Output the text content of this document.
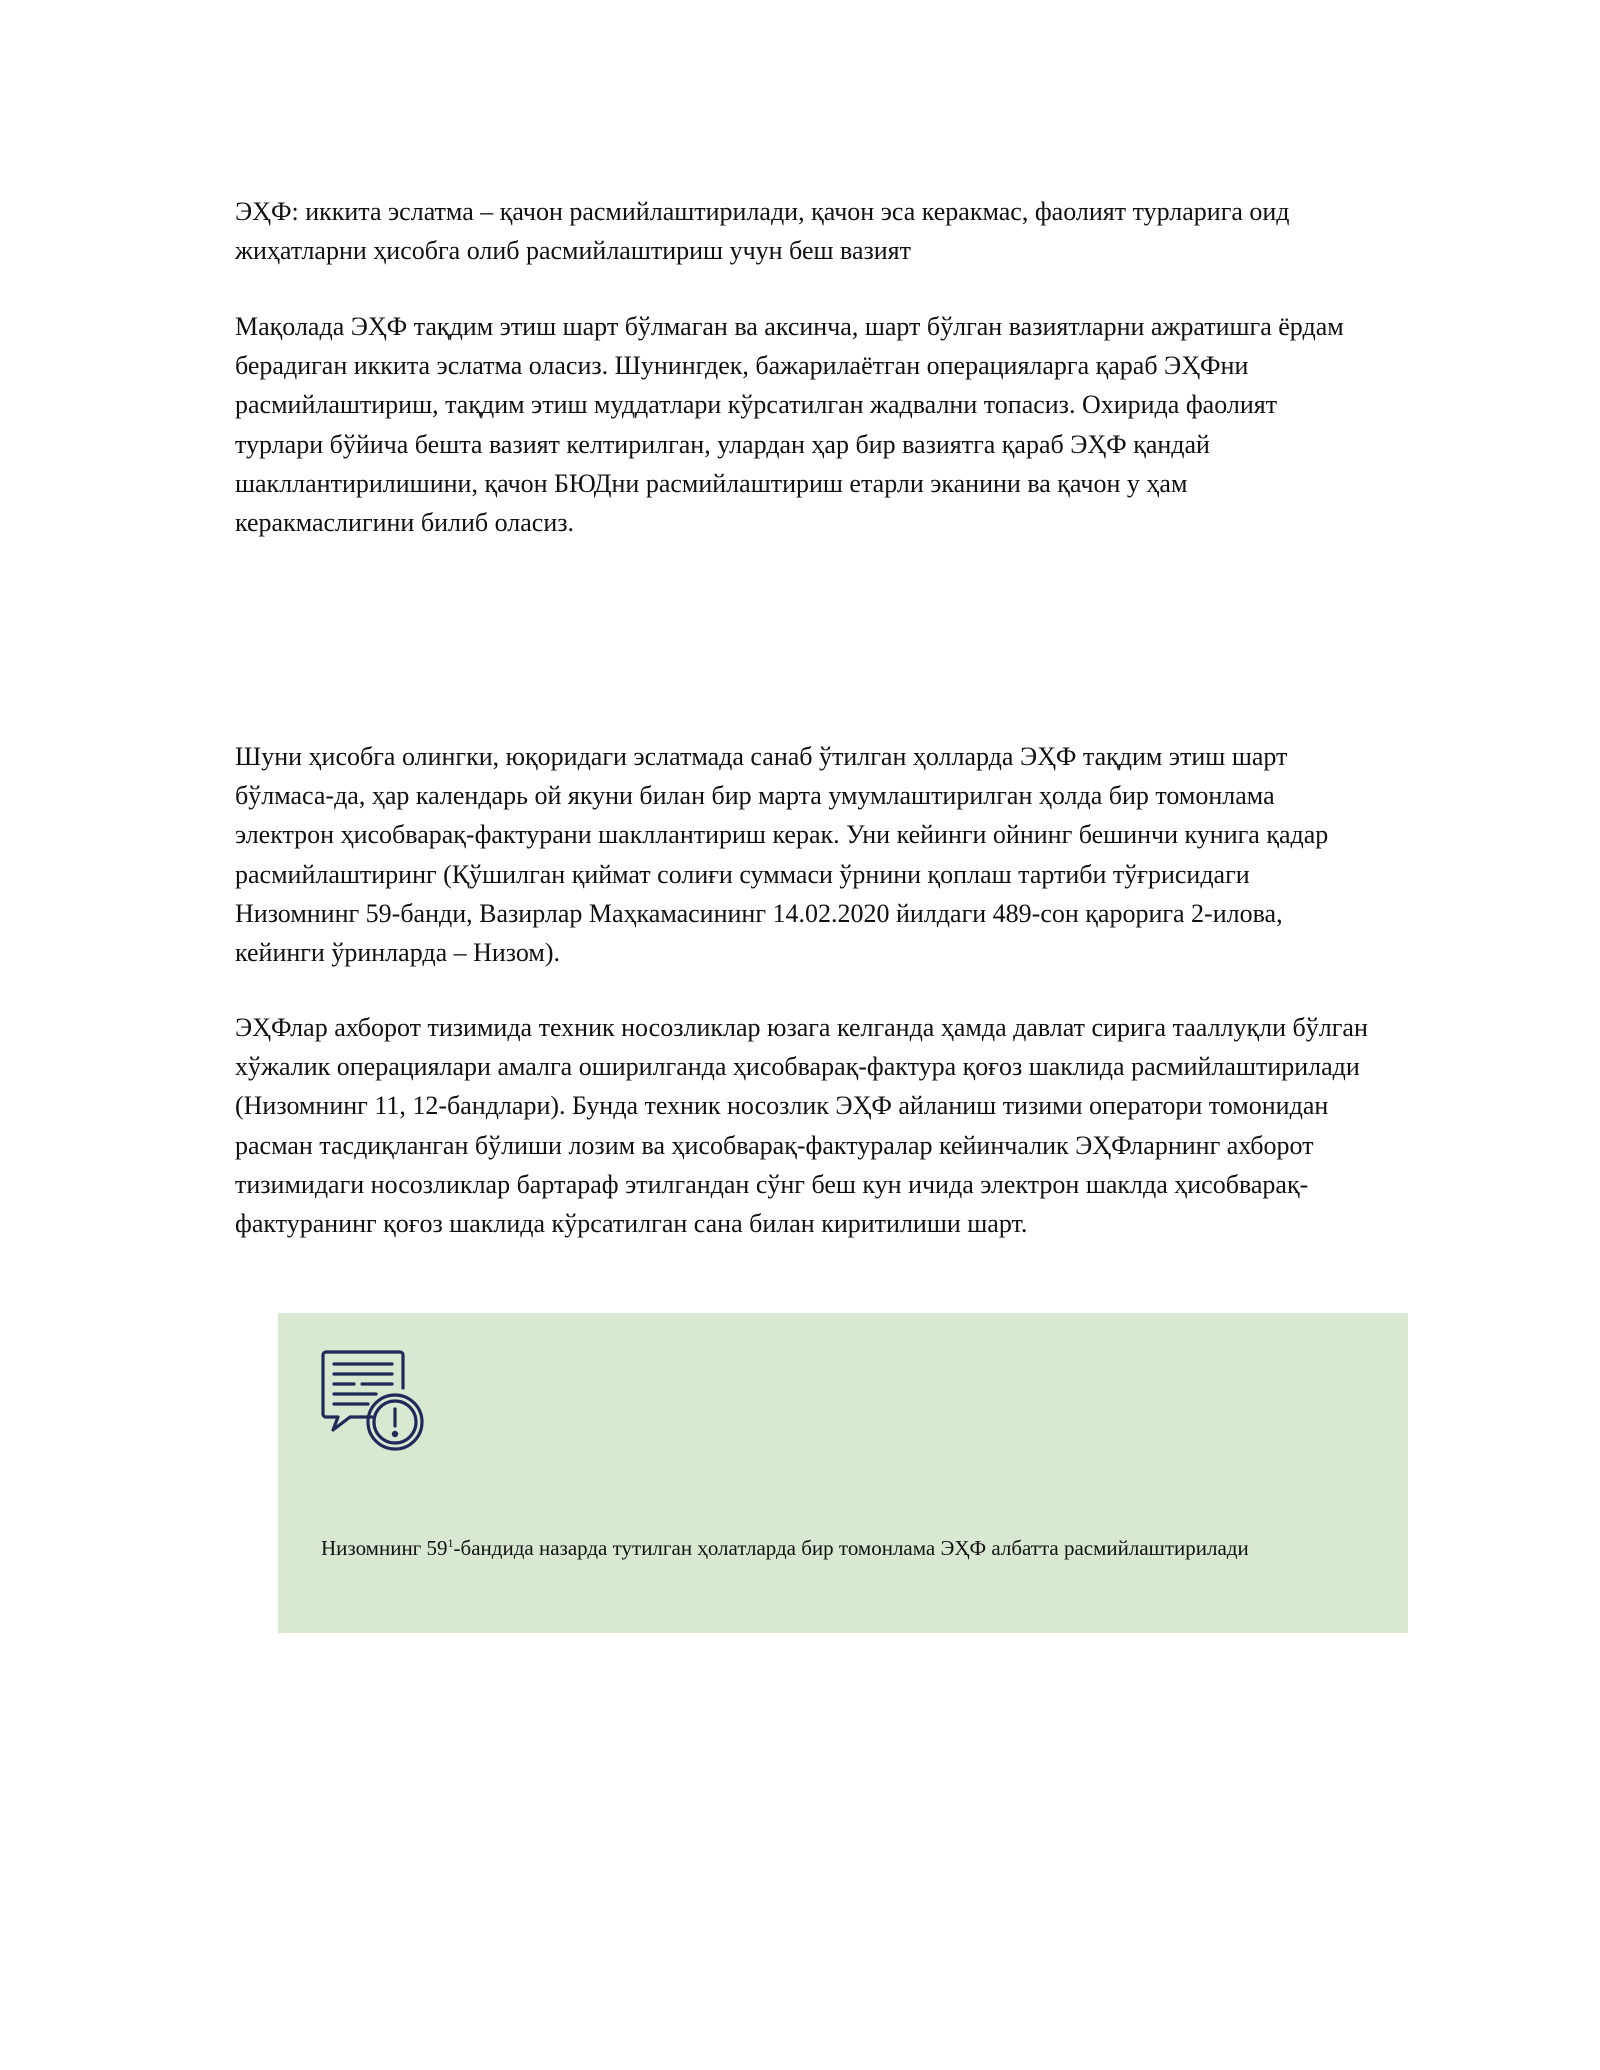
ЭҲФ: иккита эслатма – қачон расмийлаштирилади, қачон эса керакмас, фаолият турларига оид жиҳатларни ҳисобга олиб расмийлаштириш учун беш вазият

Мақолада ЭҲФ тақдим этиш шарт бўлмаган ва аксинча, шарт бўлган вазиятларни ажратишга ёрдам берадиган иккита эслатма оласиз. Шунингдек, бажарилаётган операцияларга қараб ЭҲФни расмийлаштириш, тақдим этиш муддатлари кўрсатилган жадвални топасиз. Охирида фаолият турлари бўйича бешта вазият келтирилган, улардан ҳар бир вазиятга қараб ЭҲФ қандай шакллантирилишини, қачон БЮДни расмийлаштириш етарли эканини ва қачон у ҳам керакмаслигини билиб оласиз.

Шуни ҳисобга олингки, юқоридаги эслатмада санаб ўтилган ҳолларда ЭҲФ тақдим этиш шарт бўлмаса-да, ҳар календарь ой якуни билан бир марта умумлаштирилган ҳолда бир томонлама электрон ҳисобварақ-фактурани шакллантириш керак. Уни кейинги ойнинг бешинчи кунига қадар расмийлаштиринг (Қўшилган қиймат солиғи суммаси ўрнини қоплаш тартиби тўғрисидаги Низомнинг 59-банди, Вазирлар Маҳкамасининг 14.02.2020 йилдаги 489-сон қарорига 2-илова, кейинги ўринларда – Низом).

ЭҲФлар ахборот тизимида техник носозликлар юзага келганда ҳамда давлат сирига тааллуқли бўлган хўжалик операциялари амалга оширилганда ҳисобварақ-фактура қоғоз шаклида расмийлаштирилади (Низомнинг 11, 12-бандлари). Бунда техник носозлик ЭҲФ айланиш тизими оператори томонидан расман тасдиқланган бўлиши лозим ва ҳисобварақ-фактуралар кейинчалик ЭҲФларнинг ахборот тизимидаги носозликлар бартараф этилгандан сўнг беш кун ичида электрон шаклда ҳисобварақ-фактуранинг қоғоз шаклида кўрсатилган сана билан киритилиши шарт.

Низомнинг $59^1$-бандида назарда тутилган ҳолатларда бир томонлама ЭҲФ албатта расмийлаштирилади
